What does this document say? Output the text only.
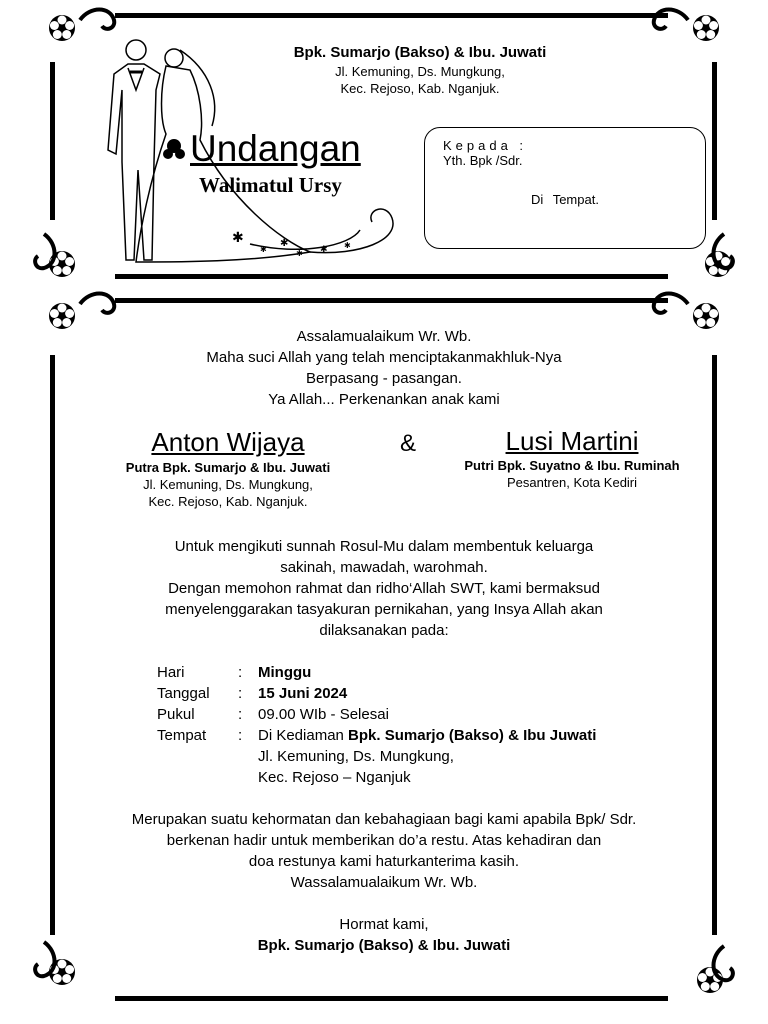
✱
✱
✱
✱ ✱ ✱
Bpk. Sumarjo (Bakso) & Ibu. Juwati
Jl. Kemuning, Ds. Mungkung,
Kec. Rejoso, Kab. Nganjuk.
Undangan
Walimatul Ursy
Kepada :
Yth. Bpk /Sdr.
Di Tempat.
Assalamualaikum Wr. Wb.
Maha suci Allah yang telah menciptakanmakhluk-Nya
Berpasang - pasangan.
Ya Allah... Perkenankan anak kami
Anton Wijaya
Putra Bpk. Sumarjo & Ibu. Juwati
Jl. Kemuning, Ds. Mungkung,
Kec. Rejoso, Kab. Nganjuk.
&	Lusi Martini
Putri Bpk. Suyatno & Ibu. Ruminah
Pesantren, Kota Kediri
Untuk mengikuti sunnah Rosul-Mu dalam membentuk keluarga
sakinah, mawadah, warohmah.
Dengan memohon rahmat dan ridho‘Allah SWT, kami bermaksud
menyelenggarakan tasyakuran pernikahan, yang Insya Allah akan
dilaksanakan pada:
Hari	: Minggu
Tanggal : 15 Juni 2024
Pukul	: 09.00 WIb - Selesai
Tempat : Di Kediaman Bpk. Sumarjo (Bakso) & Ibu Juwati
Jl. Kemuning, Ds. Mungkung,
Kec. Rejoso – Nganjuk
Merupakan suatu kehormatan dan kebahagiaan bagi kami apabila Bpk/ Sdr.
berkenan hadir untuk memberikan do’a restu. Atas kehadiran dan
doa restunya kami haturkanterima kasih.
Wassalamualaikum Wr. Wb.
Hormat kami,
Bpk. Sumarjo (Bakso) & Ibu. Juwati
